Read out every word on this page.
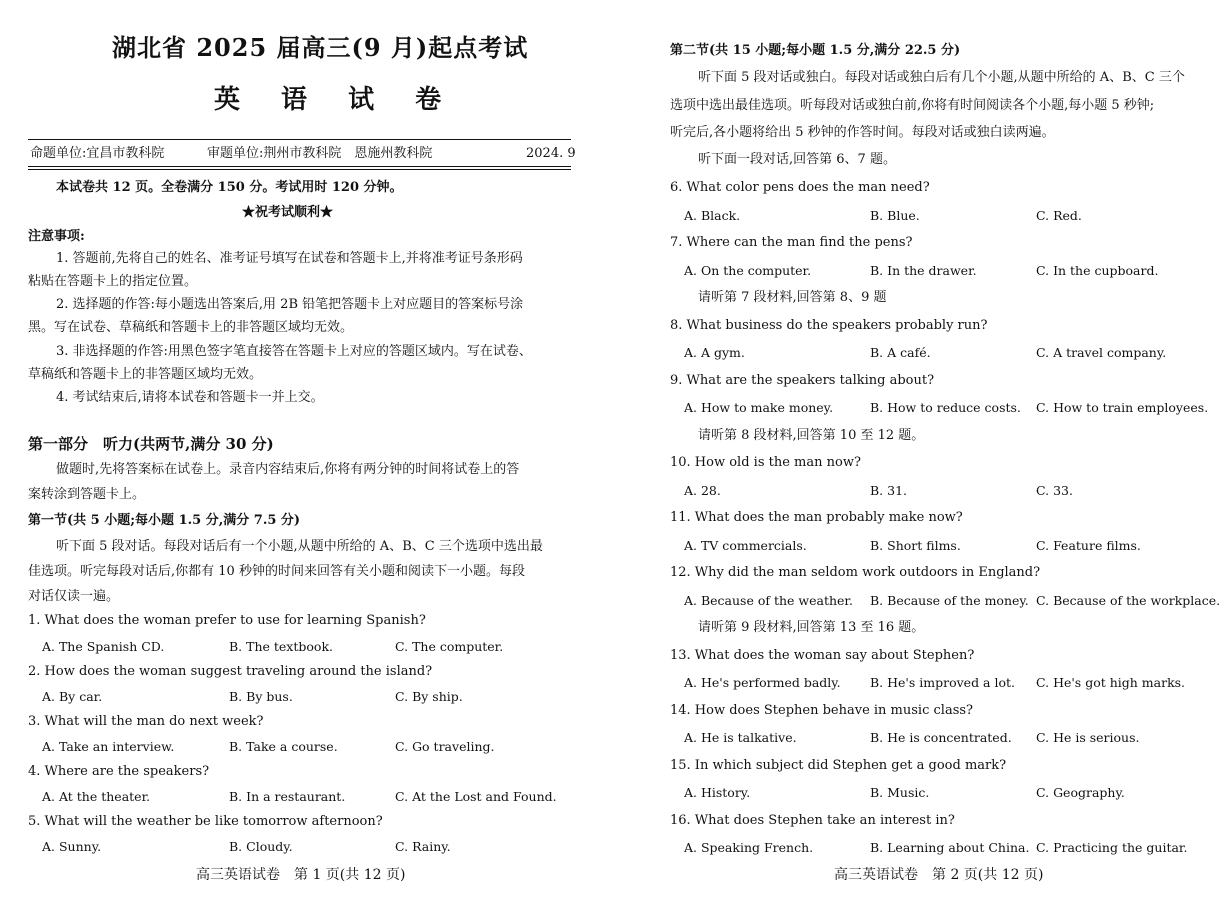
湖北省 2025 届高三(9 月)起点考试
英 语 试 卷
命题单位:宜昌市教科院	审题单位:荆州市教科院　恩施州教科院	2024. 9
本试卷共 12 页。全卷满分 150 分。考试用时 120 分钟。
★祝考试顺利★
注意事项:
1. 答题前,先将自己的姓名、准考证号填写在试卷和答题卡上,并将准考证号条形码
粘贴在答题卡上的指定位置。
2. 选择题的作答:每小题选出答案后,用 2B 铅笔把答题卡上对应题目的答案标号涂
黑。写在试卷、草稿纸和答题卡上的非答题区域均无效。
3. 非选择题的作答:用黑色签字笔直接答在答题卡上对应的答题区域内。写在试卷、
草稿纸和答题卡上的非答题区域均无效。
4. 考试结束后,请将本试卷和答题卡一并上交。
第一部分　听力(共两节,满分 30 分)
做题时,先将答案标在试卷上。录音内容结束后,你将有两分钟的时间将试卷上的答
案转涂到答题卡上。
第一节(共 5 小题;每小题 1.5 分,满分 7.5 分)
听下面 5 段对话。每段对话后有一个小题,从题中所给的 A、B、C 三个选项中选出最
佳选项。听完每段对话后,你都有 10 秒钟的时间来回答有关小题和阅读下一小题。每段
对话仅读一遍。
1. What does the woman prefer to use for learning Spanish?
A. The Spanish CD.	B. The textbook.	C. The computer.
2. How does the woman suggest traveling around the island?
A. By car.	B. By bus.	C. By ship.
3. What will the man do next week?
A. Take an interview.	B. Take a course.	C. Go traveling.
4. Where are the speakers?
A. At the theater.	B. In a restaurant.	C. At the Lost and Found.
5. What will the weather be like tomorrow afternoon?
A. Sunny.	B. Cloudy.	C. Rainy.
高三英语试卷　第 1 页(共 12 页)
第二节(共 15 小题;每小题 1.5 分,满分 22.5 分)
听下面 5 段对话或独白。每段对话或独白后有几个小题,从题中所给的 A、B、C 三个
选项中选出最佳选项。听每段对话或独白前,你将有时间阅读各个小题,每小题 5 秒钟;
听完后,各小题将给出 5 秒钟的作答时间。每段对话或独白读两遍。
听下面一段对话,回答第 6、7 题。
6. What color pens does the man need?
A. Black.	B. Blue.	C. Red.
7. Where can the man find the pens?
A. On the computer.	B. In the drawer.	C. In the cupboard.
请听第 7 段材料,回答第 8、9 题
8. What business do the speakers probably run?
A. A gym.	B. A café.	C. A travel company.
9. What are the speakers talking about?
A. How to make money.	B. How to reduce costs. C. How to train employees.
请听第 8 段材料,回答第 10 至 12 题。
10. How old is the man now?
A. 28.	B. 31.	C. 33.
11. What does the man probably make now?
A. TV commercials.	B. Short films.	C. Feature films.
12. Why did the man seldom work outdoors in England?
A. Because of the weather. B. Because of the money. C. Because of the workplace.
请听第 9 段材料,回答第 13 至 16 题。
13. What does the woman say about Stephen?
A. He's performed badly. B. He's improved a lot. C. He's got high marks.
14. How does Stephen behave in music class?
A. He is talkative.	B. He is concentrated. C. He is serious.
15. In which subject did Stephen get a good mark?
A. History.	B. Music.	C. Geography.
16. What does Stephen take an interest in?
A. Speaking French.	B. Learning about China. C. Practicing the guitar.
高三英语试卷　第 2 页(共 12 页)
